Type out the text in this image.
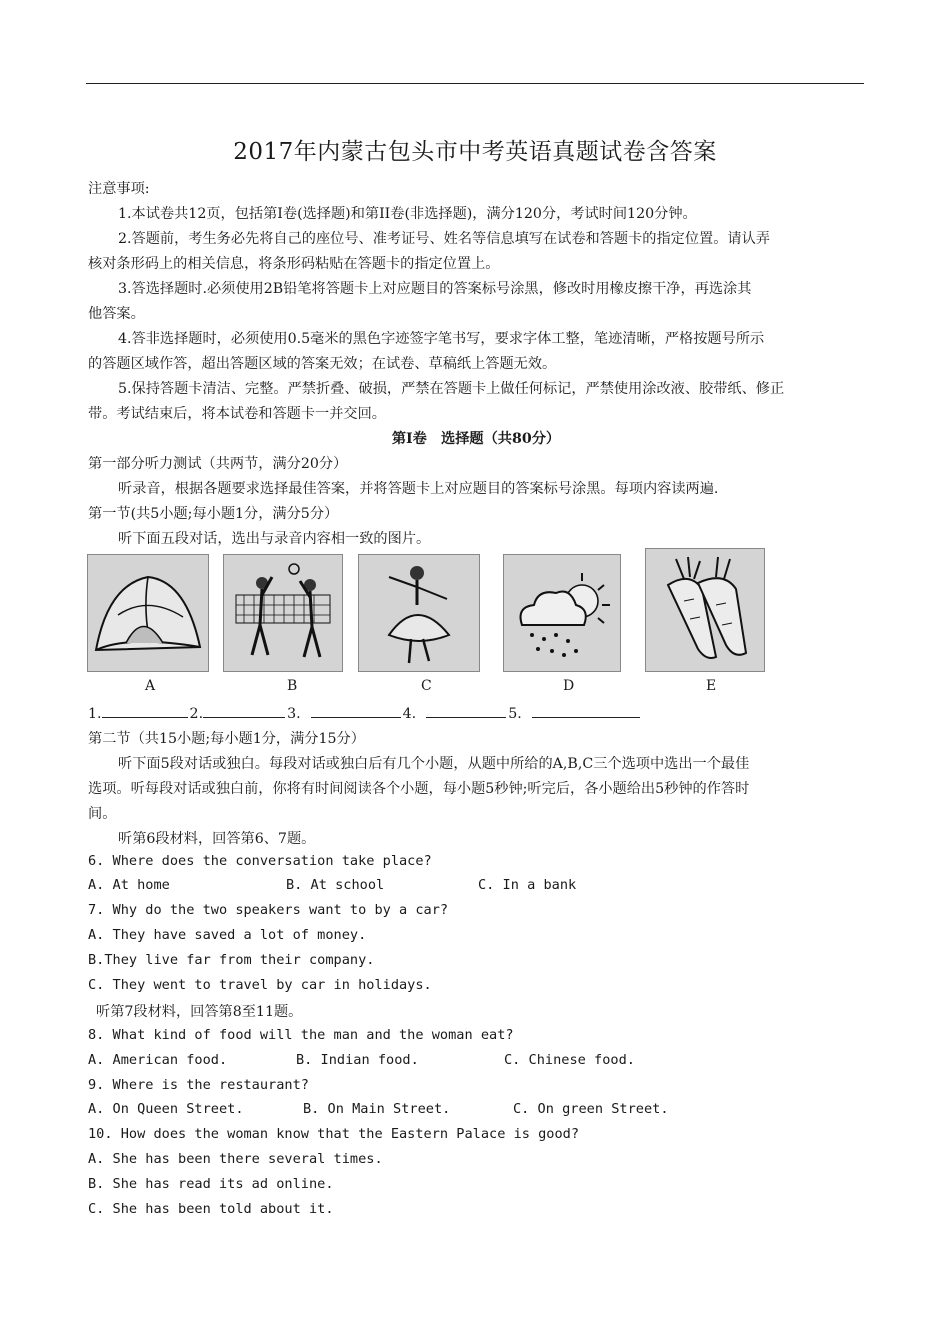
2017年内蒙古包头市中考英语真题试卷含答案
注意事项:
1.本试卷共12页，包括第Ⅰ卷(选择题)和第II卷(非选择题)，满分120分，考试时间120分钟。
2.答题前，考生务必先将自己的座位号、准考证号、姓名等信息填写在试卷和答题卡的指定位置。请认弄
核对条形码上的相关信息，将条形码粘贴在答题卡的指定位置上。
3.答选择题时.必须使用2B铅笔将答题卡上对应题目的答案标号涂黑，修改时用橡皮擦干净，再选涂其
他答案。
4.答非选择题时，必须使用0.5毫米的黑色字迹签字笔书写，要求字体工整，笔迹清晰，严格按题号所示
的答题区域作答，超出答题区域的答案无效；在试卷、草稿纸上答题无效。
5.保持答题卡清洁、完整。严禁折叠、破损，严禁在答题卡上做任何标记，严禁使用涂改液、胶带纸、修正
带。考试结束后，将本试卷和答题卡一并交回。
第Ⅰ卷　选择题（共80分）
第一部分听力测试（共两节，满分20分）
听录音，根据各题要求选择最佳答案，并将答题卡上对应题目的答案标号涂黑。每项内容读两遍.
第一节(共5小题;每小题1分，满分5分）
听下面五段对话，选出与录音内容相一致的图片。
A	B	C	D	E
1.	2.	3.	4.	5.
第二节（共15小题;每小题1分，满分15分）
听下面5段对话或独白。每段对话或独白后有几个小题，从题中所给的A,B,C三个选项中选出一个最佳
选项。听每段对话或独白前，你将有时间阅读各个小题，每小题5秒钟;听完后，各小题给出5秒钟的作答时
间。
听第6段材料，回答第6、7题。
6. Where does the conversation take place?
A. At home	B. At school	C. In a bank
7. Why do the two speakers want to by a car?
A. They have saved a lot of money.
B.They live far from their company.
C. They went to travel by car in holidays.
听第7段材料，回答第8至11题。
8. What kind of food will the man and the woman eat?
A. American food.	B. Indian food.	C. Chinese food.
9. Where is the restaurant?
A. On Queen Street.	B. On Main Street.	C. On green Street.
10. How does the woman know that the Eastern Palace is good?
A. She has been there several times.
B. She has read its ad online.
C. She has been told about it.
